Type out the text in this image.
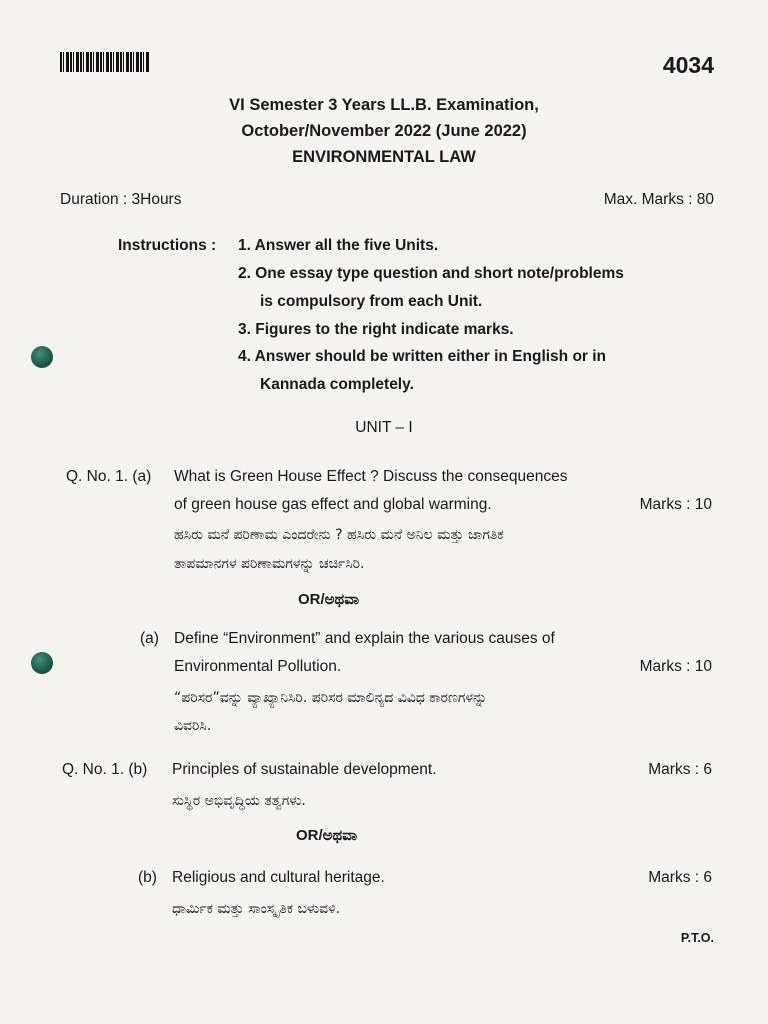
4034
VI Semester 3 Years LL.B. Examination,
October/November 2022 (June 2022)
ENVIRONMENTAL LAW
Duration : 3Hours	Max. Marks : 80
Instructions : 1. Answer all the five Units.
2. One essay type question and short note/problems
is compulsory from each Unit.
3. Figures to the right indicate marks.
4. Answer should be written either in English or in
Kannada completely.
UNIT – I
Q. No. 1. (a) What is Green House Effect ? Discuss the consequences
of green house gas effect and global warming.	Marks : 10
ಹಸಿರು ಮನೆ ಪರಿಣಾಮ ಎಂದರೇನು ? ಹಸಿರು ಮನೆ ಅನಿಲ ಮತ್ತು ಜಾಗತಿಕ
ತಾಪಮಾನಗಳ ಪರಿಣಾಮಗಳನ್ನು ಚರ್ಚಿಸಿರಿ.
OR/ಅಥವಾ
(a) Define “Environment” and explain the various causes of
Environmental Pollution.	Marks : 10
“ಪರಿಸರ”ವನ್ನು ವ್ಯಾಖ್ಯಾನಿಸಿರಿ. ಪರಿಸರ ಮಾಲಿನ್ಯದ ವಿವಿಧ ಕಾರಣಗಳನ್ನು
ವಿವರಿಸಿ.
Q. No. 1. (b) Principles of sustainable development.	Marks : 6
ಸುಸ್ಥಿರ ಅಭಿವೃದ್ಧಿಯ ತತ್ವಗಳು.
OR/ಅಥವಾ
(b) Religious and cultural heritage.	Marks : 6
ಧಾರ್ಮಿಕ ಮತ್ತು ಸಾಂಸ್ಕೃತಿಕ ಬಳುವಳಿ.
P.T.O.
